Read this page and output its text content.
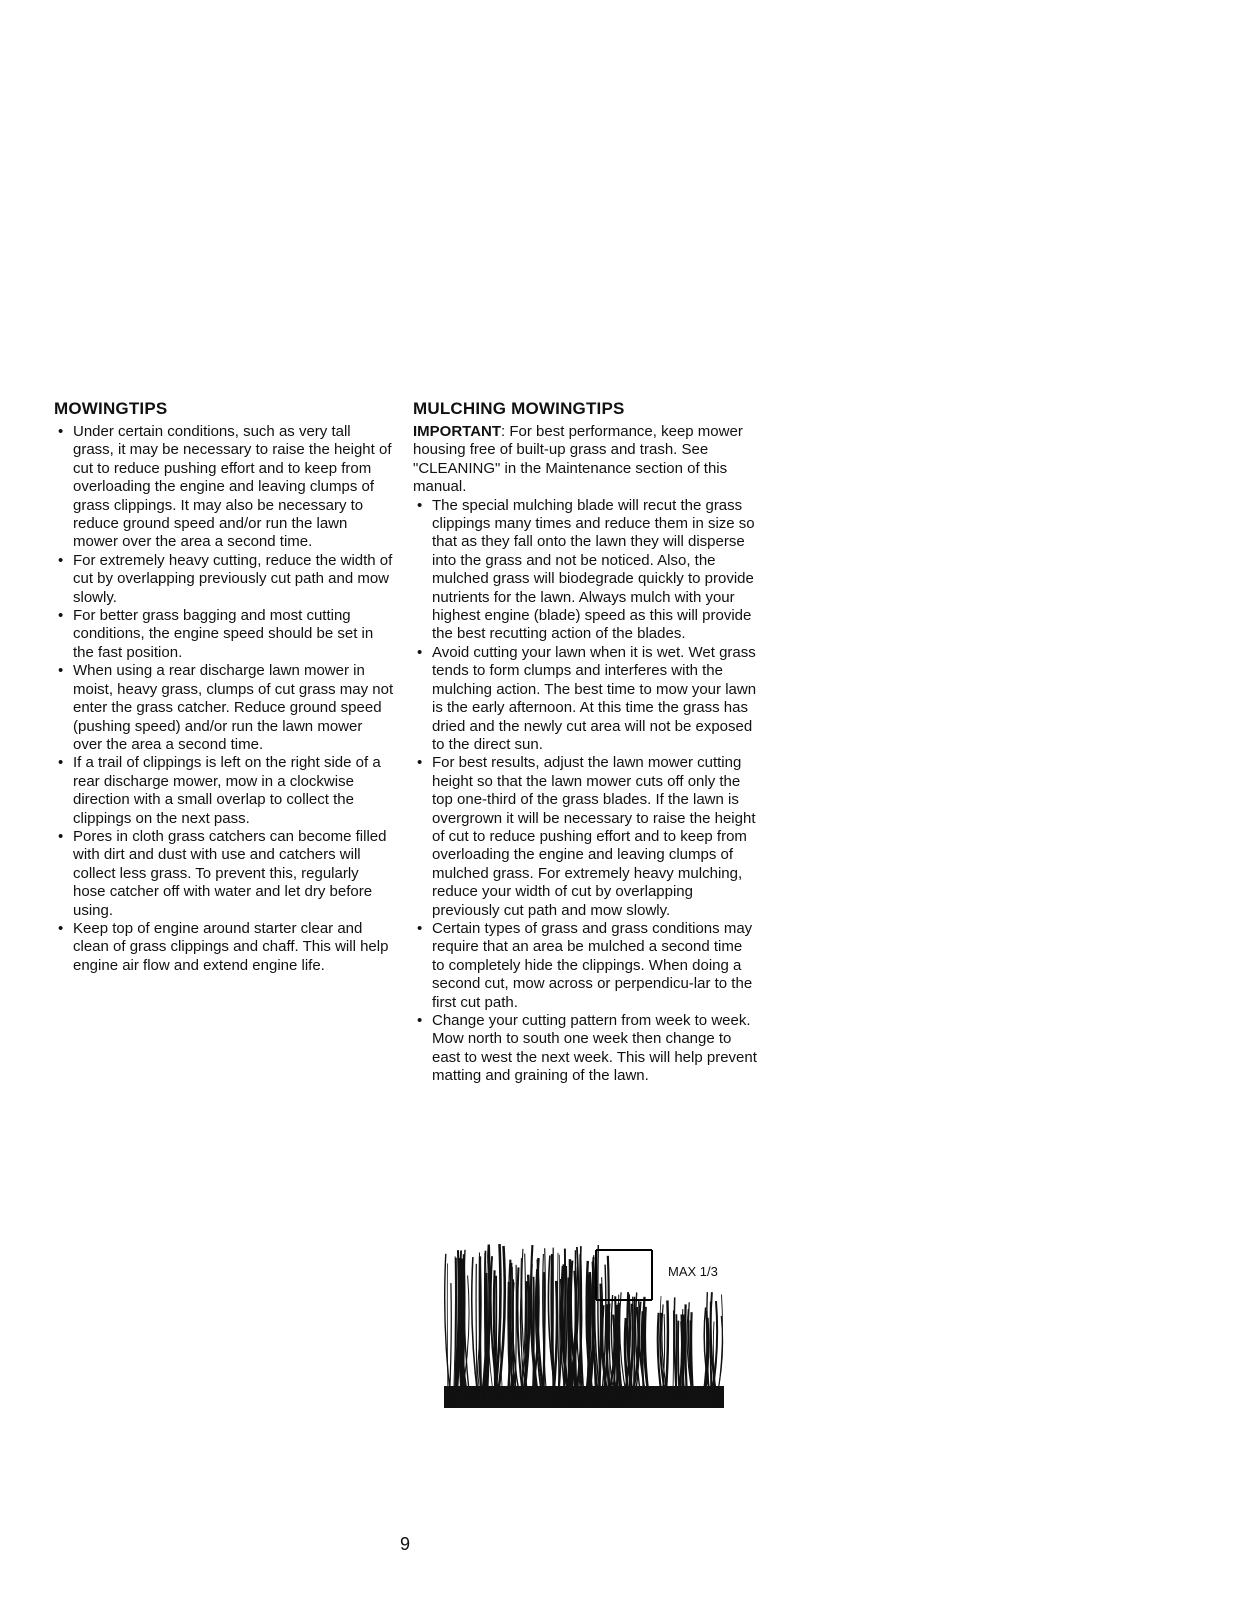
MOWINGTIPS
• Under certain conditions, such as very tall grass, it may be necessary to raise the height of cut to reduce pushing effort and to keep from overloading the engine and leaving clumps of grass clippings. It may also be necessary to reduce ground speed and/or run the lawn mower over the area a second time.
• For extremely heavy cutting, reduce the width of cut by overlapping previously cut path and mow slowly.
• For better grass bagging and most cutting conditions, the engine speed should be set in the fast position.
• When using a rear discharge lawn mower in moist, heavy grass, clumps of cut grass may not enter the grass catcher. Reduce ground speed (pushing speed) and/or run the lawn mower over the area a second time.
• If a trail of clippings is left on the right side of a rear discharge mower, mow in a clockwise direction with a small overlap to collect the clippings on the next pass.
• Pores in cloth grass catchers can become filled with dirt and dust with use and catchers will collect less grass. To prevent this, regularly hose catcher off with water and let dry before using.
• Keep top of engine around starter clear and clean of grass clippings and chaff. This will help engine air flow and extend engine life.
MULCHING MOWINGTIPS

IMPORTANT: For best performance, keep mower housing free of built-up grass and trash. See "CLEANING" in the Maintenance section of this manual.

• The special mulching blade will recut the grass clippings many times and reduce them in size so that as they fall onto the lawn they will disperse into the grass and not be noticed. Also, the mulched grass will biodegrade quickly to provide nutrients for the lawn. Always mulch with your highest engine (blade) speed as this will provide the best recutting action of the blades.
• Avoid cutting your lawn when it is wet. Wet grass tends to form clumps and interferes with the mulching action. The best time to mow your lawn is the early afternoon. At this time the grass has dried and the newly cut area will not be exposed to the direct sun.
• For best results, adjust the lawn mower cutting height so that the lawn mower cuts off only the top one-third of the grass blades. If the lawn is overgrown it will be necessary to raise the height of cut to reduce pushing effort and to keep from overloading the engine and leaving clumps of mulched grass. For extremely heavy mulching, reduce your width of cut by overlapping previously cut path and mow slowly.
• Certain types of grass and grass conditions may require that an area be mulched a second time to completely hide the clippings. When doing a second cut, mow across or perpendicu-lar to the first cut path.
• Change your cutting pattern from week to week. Mow north to south one week then change to east to west the next week. This will help prevent matting and graining of the lawn.
MAX 1/3
9
